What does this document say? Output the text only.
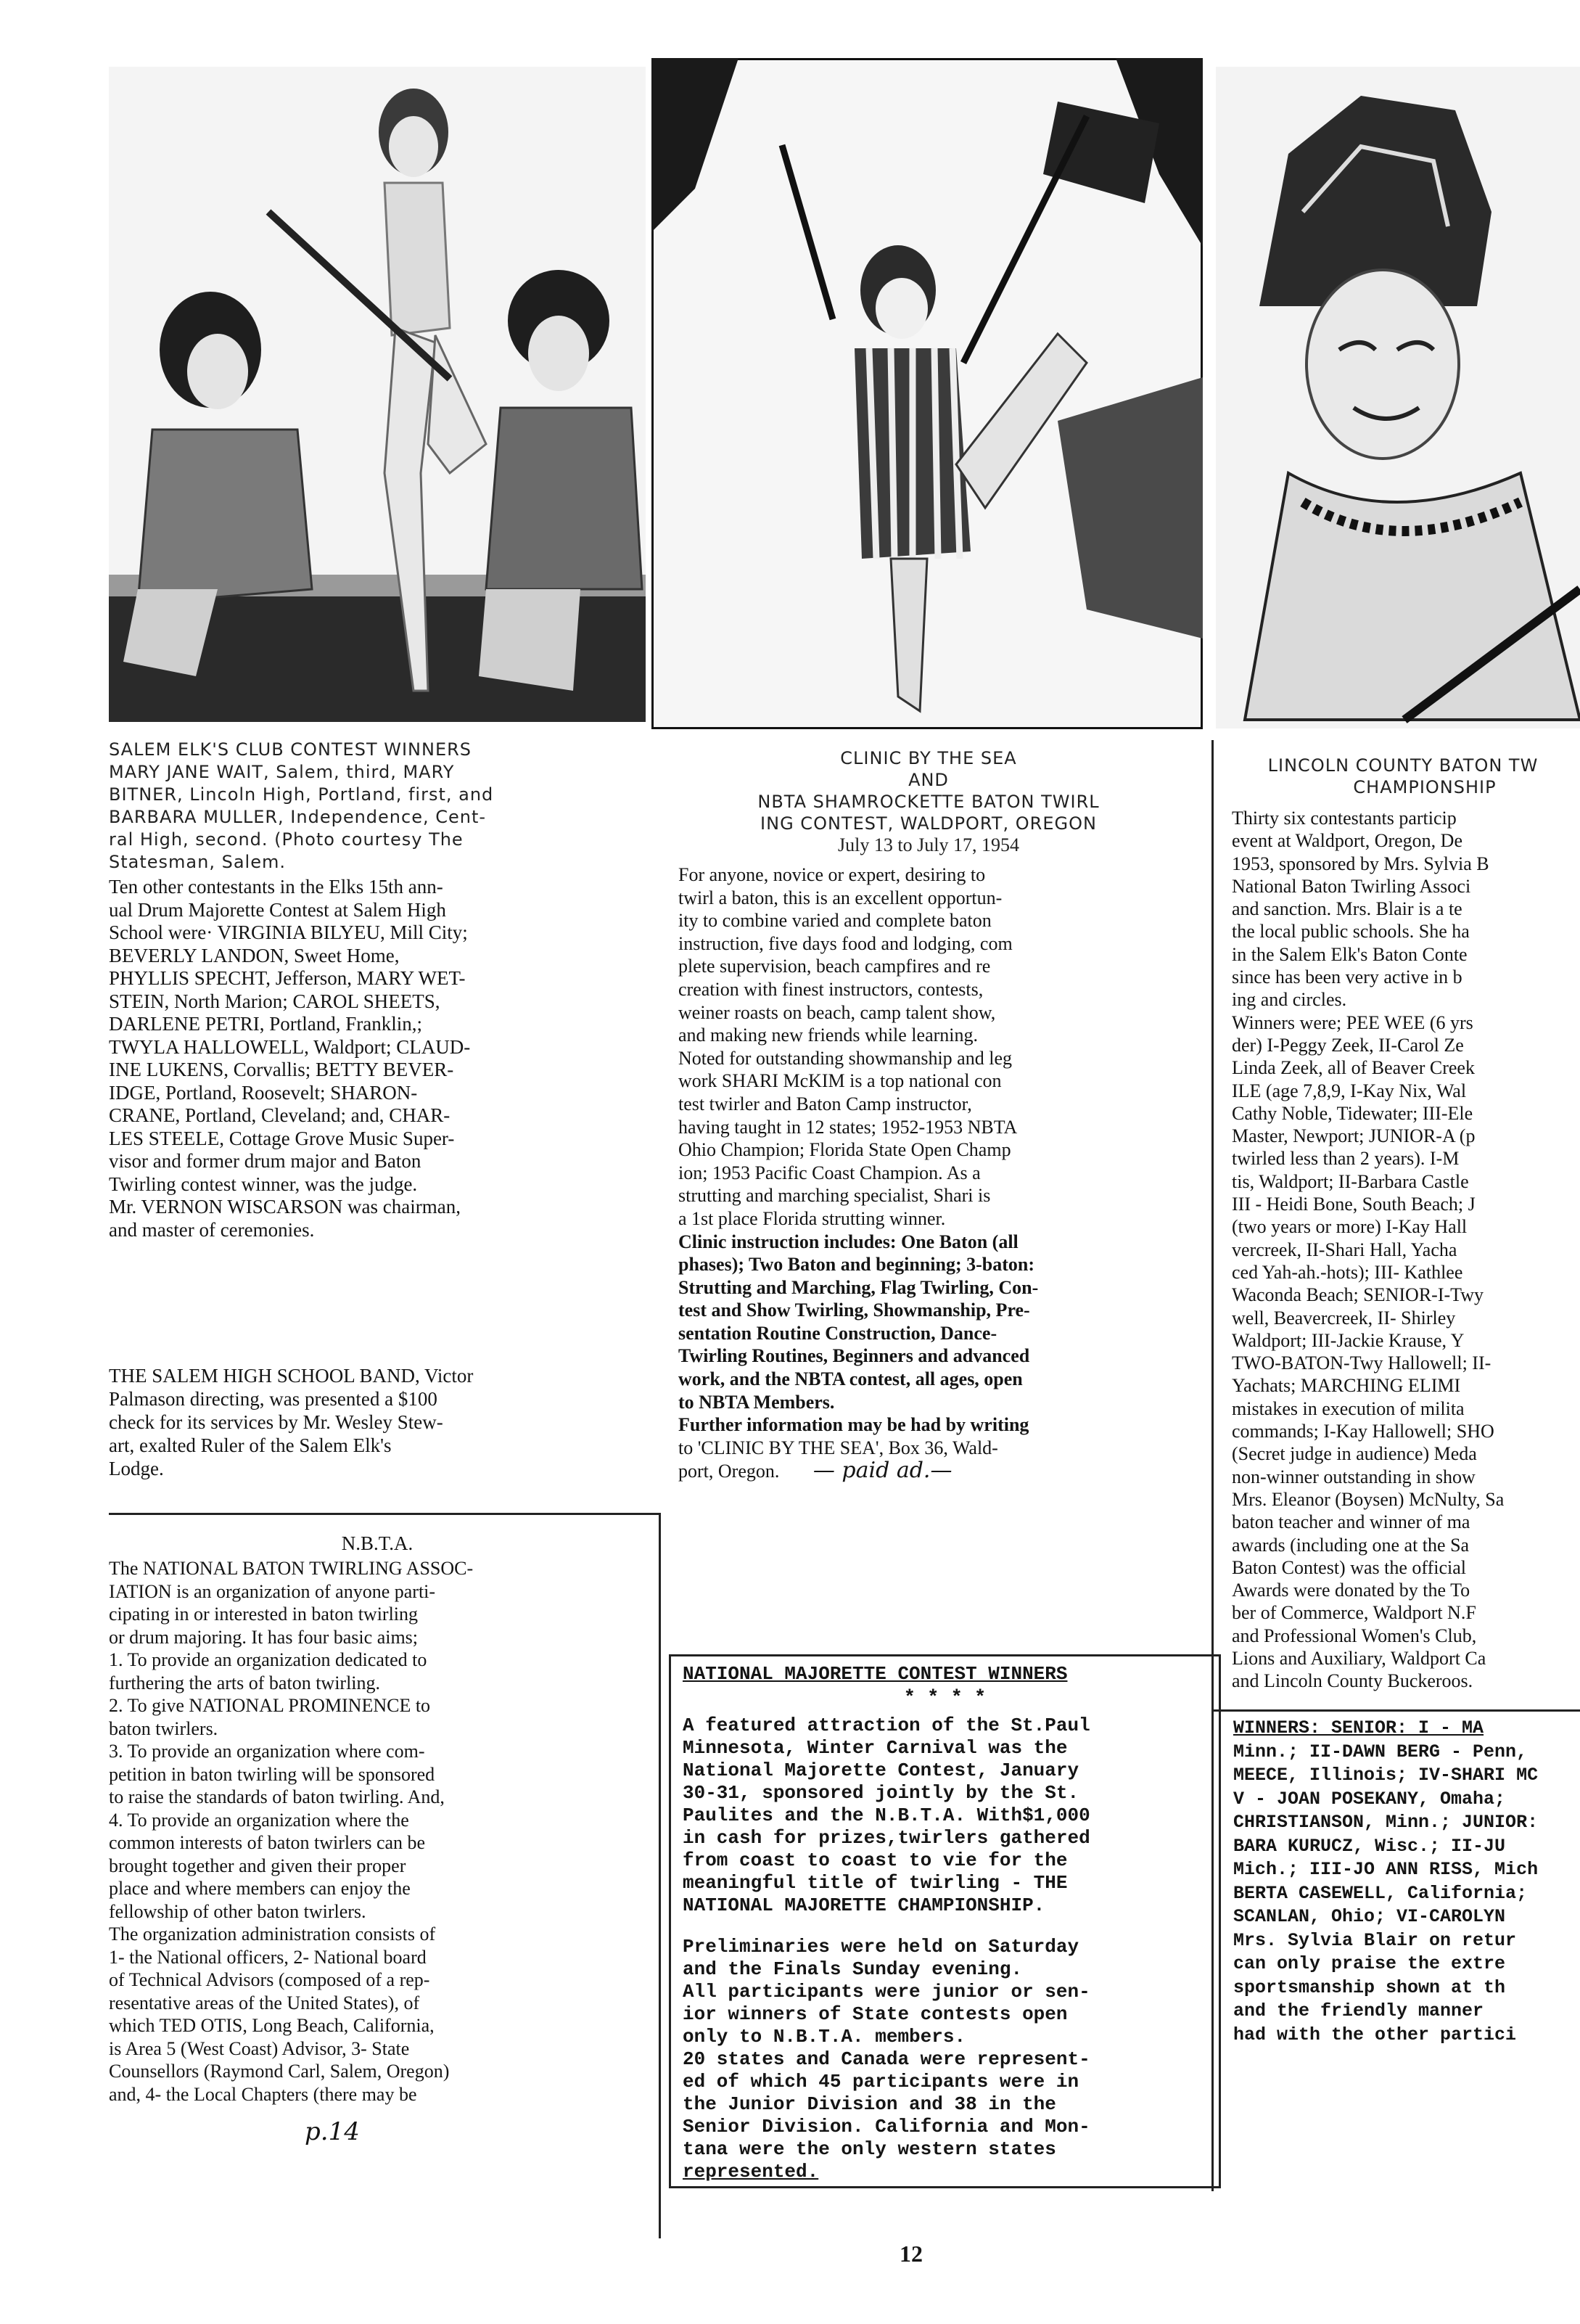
SALEM ELK'S CLUB CONTEST WINNERS
MARY JANE WAIT, Salem, third, MARY
BITNER, Lincoln High, Portland, first, and
BARBARA MULLER, Independence, Cent-
ral High, second. (Photo courtesy The
Statesman, Salem.
Ten other contestants in the Elks 15th ann-
ual Drum Majorette Contest at Salem High
School were· VIRGINIA BILYEU, Mill City;
BEVERLY LANDON, Sweet Home,
PHYLLIS SPECHT, Jefferson, MARY WET-
STEIN, North Marion; CAROL SHEETS,
DARLENE PETRI, Portland, Franklin,;
TWYLA HALLOWELL, Waldport; CLAUD-
INE LUKENS, Corvallis; BETTY BEVER-
IDGE, Portland, Roosevelt; SHARON-
CRANE, Portland, Cleveland; and, CHAR-
LES STEELE, Cottage Grove Music Super-
visor and former drum major and Baton
Twirling contest winner, was the judge.
Mr. VERNON WISCARSON was chairman,
and master of ceremonies.
THE SALEM HIGH SCHOOL BAND, Victor
Palmason directing, was presented a $100
check for its services by Mr. Wesley Stew-
art, exalted Ruler of the Salem Elk's
Lodge.
N.B.T.A.
The NATIONAL BATON TWIRLING ASSOC-
IATION is an organization of anyone parti-
cipating in or interested in baton twirling
or drum majoring. It has four basic aims;
1. To provide an organization dedicated to
furthering the arts of baton twirling.
2. To give NATIONAL PROMINENCE to
baton twirlers.
3. To provide an organization where com-
petition in baton twirling will be sponsored
to raise the standards of baton twirling. And,
4. To provide an organization where the
common interests of baton twirlers can be
brought together and given their proper
place and where members can enjoy the
fellowship of other baton twirlers.
The organization administration consists of
1- the National officers, 2- National board
of Technical Advisors (composed of a rep-
resentative areas of the United States), of
which TED OTIS, Long Beach, California,
is Area 5 (West Coast) Advisor, 3- State
Counsellors (Raymond Carl, Salem, Oregon)
and, 4- the Local Chapters (there may be
p.14
CLINIC BY THE SEA
AND
NBTA SHAMROCKETTE BATON TWIRL
ING CONTEST, WALDPORT, OREGON
July 13 to July 17, 1954
For anyone, novice or expert, desiring to
twirl a baton, this is an excellent opportun-
ity to combine varied and complete baton
instruction, five days food and lodging, com
plete supervision, beach campfires and re
creation with finest instructors, contests,
weiner roasts on beach, camp talent show,
and making new friends while learning.
Noted for outstanding showmanship and leg
work SHARI McKIM is a top national con
test twirler and Baton Camp instructor,
having taught in 12 states; 1952-1953 NBTA
Ohio Champion; Florida State Open Champ
ion; 1953 Pacific Coast Champion. As a
strutting and marching specialist, Shari is
a 1st place Florida strutting winner.
Clinic instruction includes: One Baton (all
phases); Two Baton and beginning; 3-baton:
Strutting and Marching, Flag Twirling, Con-
test and Show Twirling, Showmanship, Pre-
sentation Routine Construction, Dance-
Twirling Routines, Beginners and advanced
work, and the NBTA contest, all ages, open
to NBTA Members.
Further information may be had by writing
to 'CLINIC BY THE SEA', Box 36, Wald-
port, Oregon. — paid ad.—
NATIONAL MAJORETTE CONTEST WINNERS
* * * *
A featured attraction of the St.Paul
Minnesota, Winter Carnival was the
National Majorette Contest, January
30-31, sponsored jointly by the St.
Paulites and the N.B.T.A. With$1,000
in cash for prizes,twirlers gathered
from coast to coast to vie for the
meaningful title of twirling - THE
NATIONAL MAJORETTE CHAMPIONSHIP.
Preliminaries were held on Saturday
and the Finals Sunday evening.
All participants were junior or sen-
ior winners of State contests open
only to N.B.T.A. members.
20 states and Canada were represent-
ed of which 45 participants were in
the Junior Division and 38 in the
Senior Division. California and Mon-
tana were the only western states
represented.
LINCOLN COUNTY BATON TW
CHAMPIONSHIP
Thirty six contestants particip
event at Waldport, Oregon, De
1953, sponsored by Mrs. Sylvia B
National Baton Twirling Associ
and sanction. Mrs. Blair is a te
the local public schools. She ha
in the Salem Elk's Baton Conte
since has been very active in b
ing and circles.
Winners were; PEE WEE (6 yrs
der) I-Peggy Zeek, II-Carol Ze
Linda Zeek, all of Beaver Creek
ILE (age 7,8,9, I-Kay Nix, Wal
Cathy Noble, Tidewater; III-Ele
Master, Newport; JUNIOR-A (p
twirled less than 2 years). I-M
tis, Waldport; II-Barbara Castle
III - Heidi Bone, South Beach; J
(two years or more) I-Kay Hall
vercreek, II-Shari Hall, Yacha
ced Yah-ah.-hots); III- Kathlee
Waconda Beach; SENIOR-I-Twy
well, Beavercreek, II- Shirley
Waldport; III-Jackie Krause, Y
TWO-BATON-Twy Hallowell; II-
Yachats; MARCHING ELIMI
mistakes in execution of milita
commands; I-Kay Hallowell; SHO
(Secret judge in audience) Meda
non-winner outstanding in show
Mrs. Eleanor (Boysen) McNulty, Sa
baton teacher and winner of ma
awards (including one at the Sa
Baton Contest) was the official
Awards were donated by the To
ber of Commerce, Waldport N.F
and Professional Women's Club,
Lions and Auxiliary, Waldport Ca
and Lincoln County Buckeroos.
WINNERS: SENIOR: I - MA
Minn.; II-DAWN BERG - Penn,
MEECE, Illinois; IV-SHARI MC
V - JOAN POSEKANY, Omaha;
CHRISTIANSON, Minn.; JUNIOR:
BARA KURUCZ, Wisc.; II-JU
Mich.; III-JO ANN RISS, Mich
BERTA CASEWELL, California;
SCANLAN, Ohio; VI-CAROLYN
Mrs. Sylvia Blair on retur
can only praise the extre
sportsmanship shown at th
and the friendly manner
had with the other partici
12
